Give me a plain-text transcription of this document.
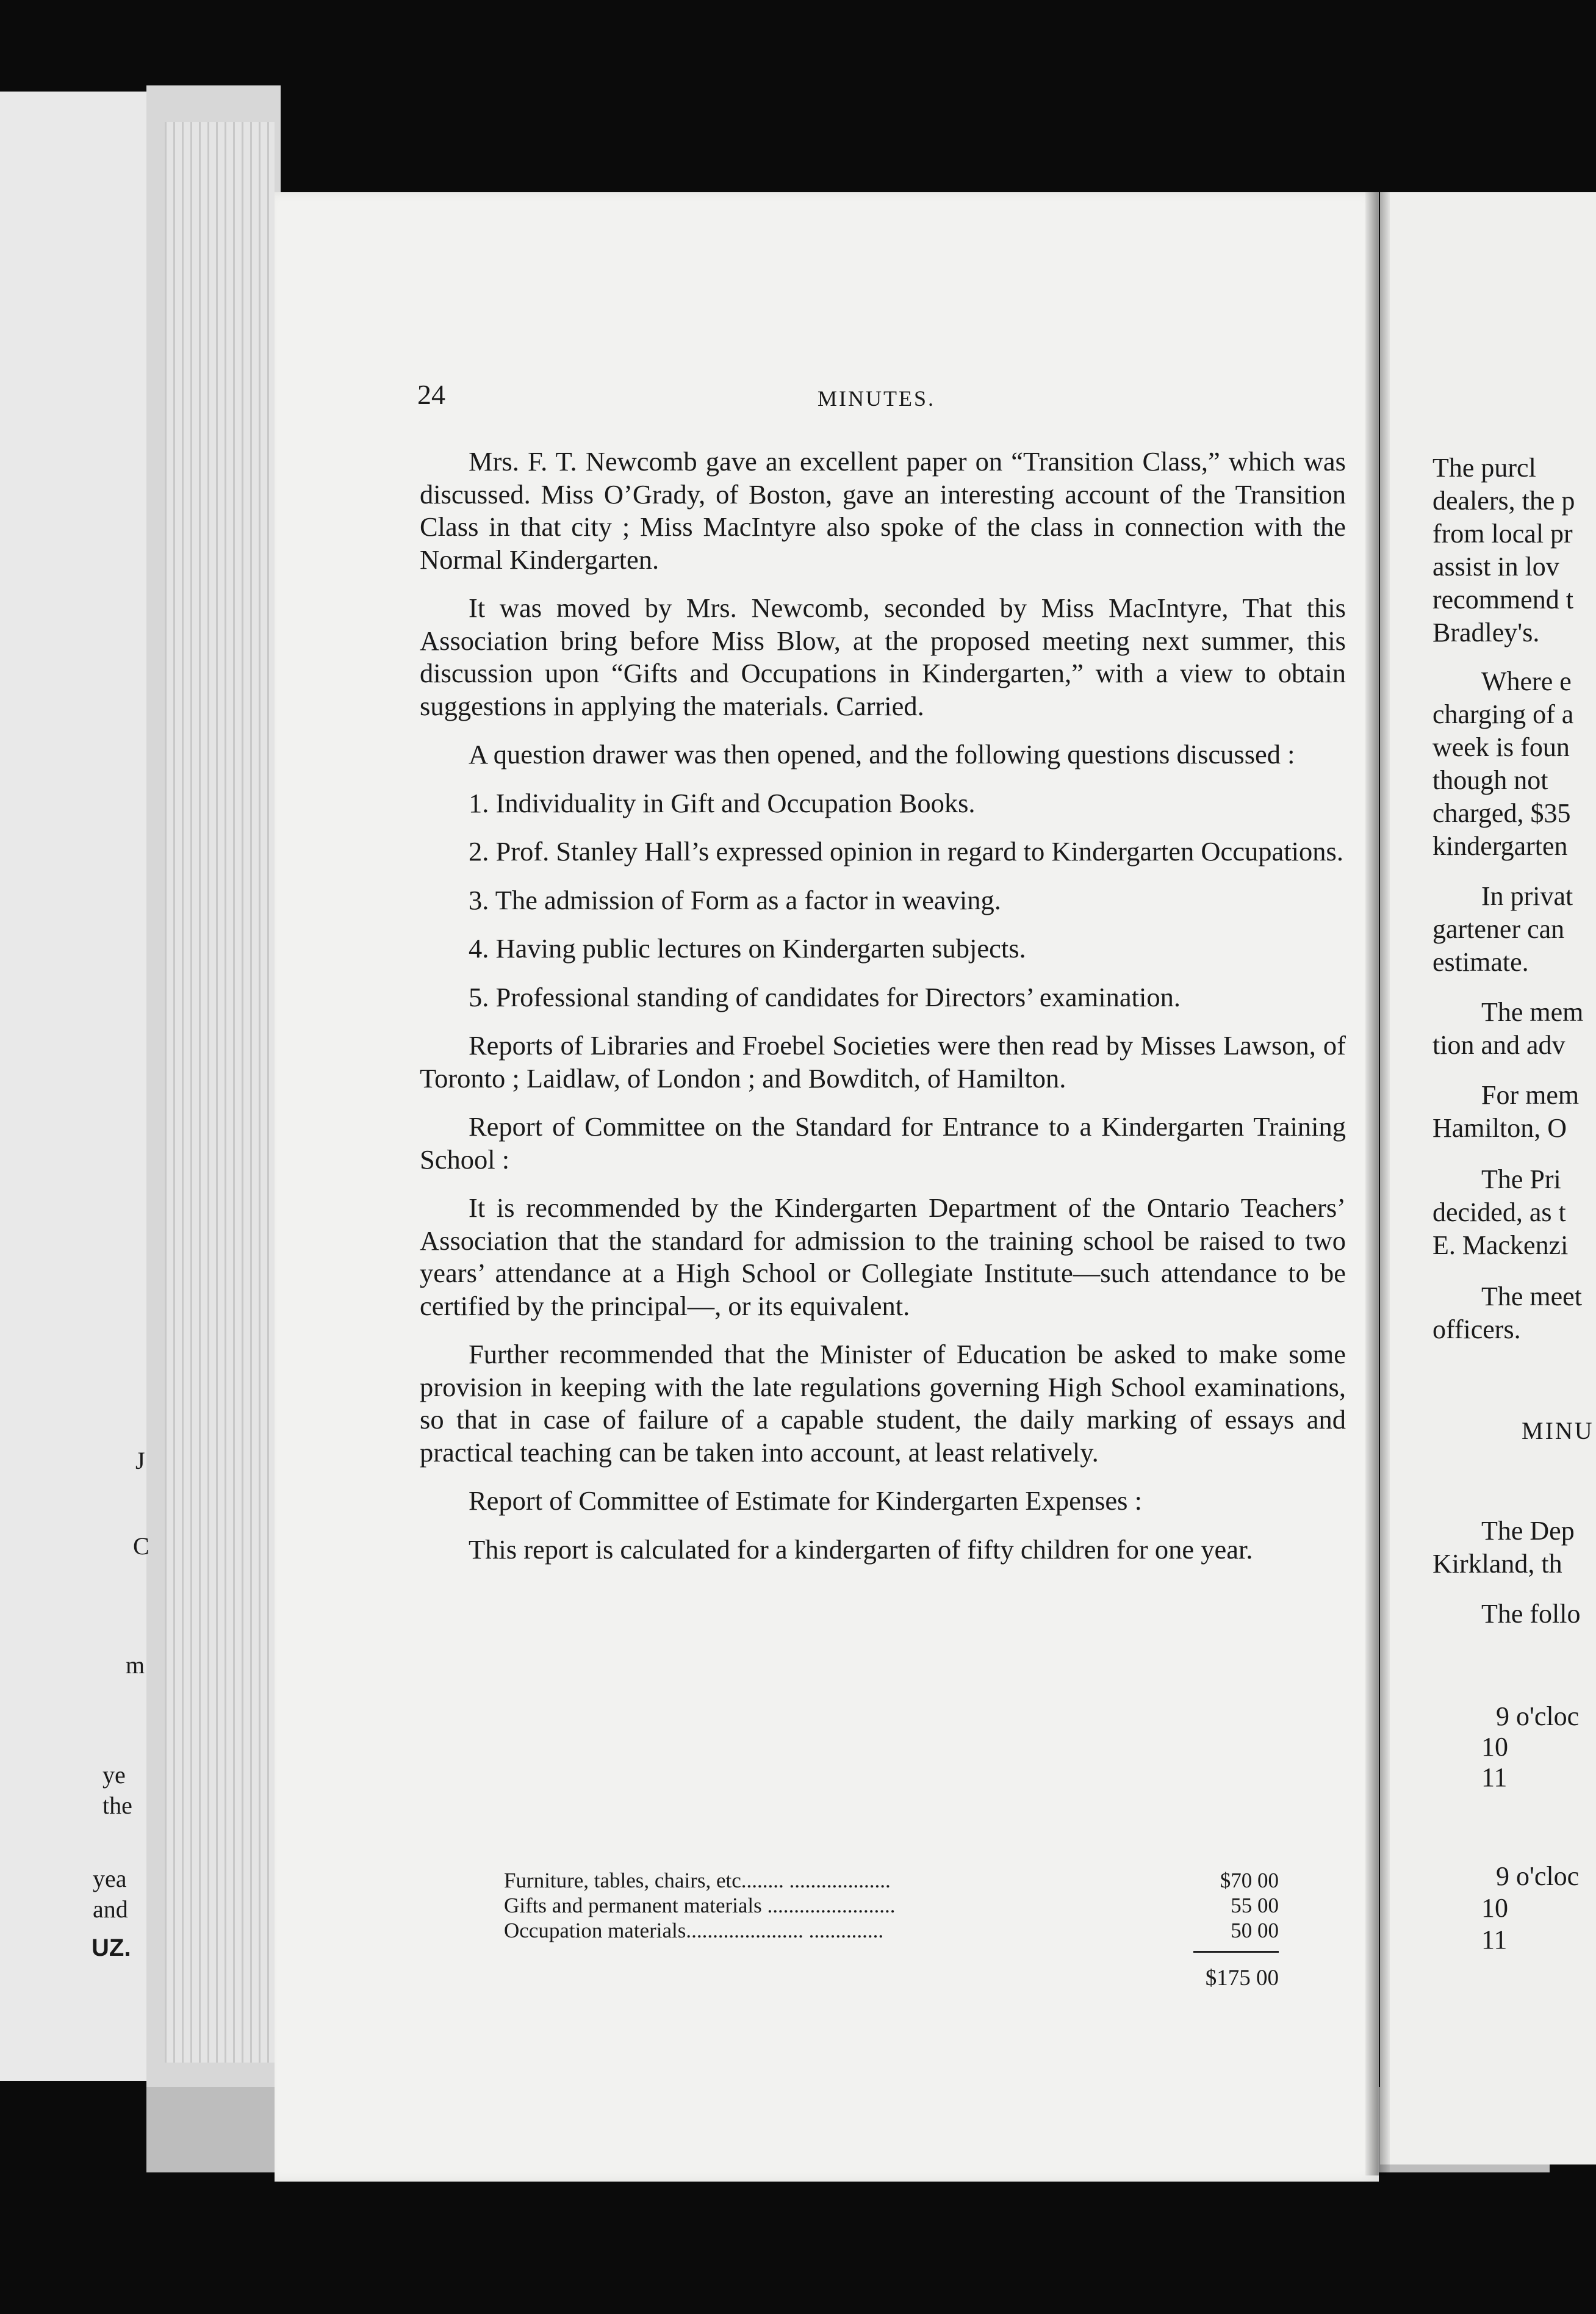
J
C
m
ye
the
yea
and
UZ.
24	MINUTES.

Mrs. F. T. Newcomb gave an excellent paper on “Transition Class,” which was discussed. Miss O’Grady, of Boston, gave an interesting account of the Transition Class in that city ; Miss MacIntyre also spoke of the class in connection with the Normal Kindergarten.

It was moved by Mrs. Newcomb, seconded by Miss MacIntyre, That this Association bring before Miss Blow, at the proposed meeting next summer, this discussion upon “Gifts and Occupations in Kindergarten,” with a view to obtain suggestions in applying the materials. Carried.

A question drawer was then opened, and the following questions discussed :

1. Individuality in Gift and Occupation Books.

2. Prof. Stanley Hall’s expressed opinion in regard to Kindergarten Occupations.

3. The admission of Form as a factor in weaving.

4. Having public lectures on Kindergarten subjects.

5. Professional standing of candidates for Directors’ examination.

Reports of Libraries and Froebel Societies were then read by Misses Lawson, of Toronto ; Laidlaw, of London ; and Bowditch, of Hamilton.

Report of Committee on the Standard for Entrance to a Kindergarten Training School :

It is recommended by the Kindergarten Department of the Ontario Teachers’ Association that the standard for admission to the training school be raised to two years’ attendance at a High School or Collegiate Institute—such attendance to be certified by the principal—, or its equivalent.

Further recommended that the Minister of Education be asked to make some provision in keeping with the late regulations governing High School examinations, so that in case of failure of a capable student, the daily marking of essays and practical teaching can be taken into account, at least relatively.

Report of Committee of Estimate for Kindergarten Expenses :

This report is calculated for a kindergarten of fifty children for one year.

Furniture, tables, chairs, etc........ ...................	$70 00
Gifts and permanent materials ........................	55 00
Occupation materials...................... ..............	50 00
$175 00
The purcl
dealers, the p
from local pr
assist in lov
recommend t
Bradley's.
Where e
charging of a
week is foun
though not
charged, $35
kindergarten
In privat
gartener can
estimate.
The mem
tion and adv
For mem
Hamilton, O
The Pri
decided, as t
E. Mackenzi
The meet
officers.
MINU
The Dep
Kirkland, th
The follo
9 o'cloc
10
11
9 o'cloc
10
11
